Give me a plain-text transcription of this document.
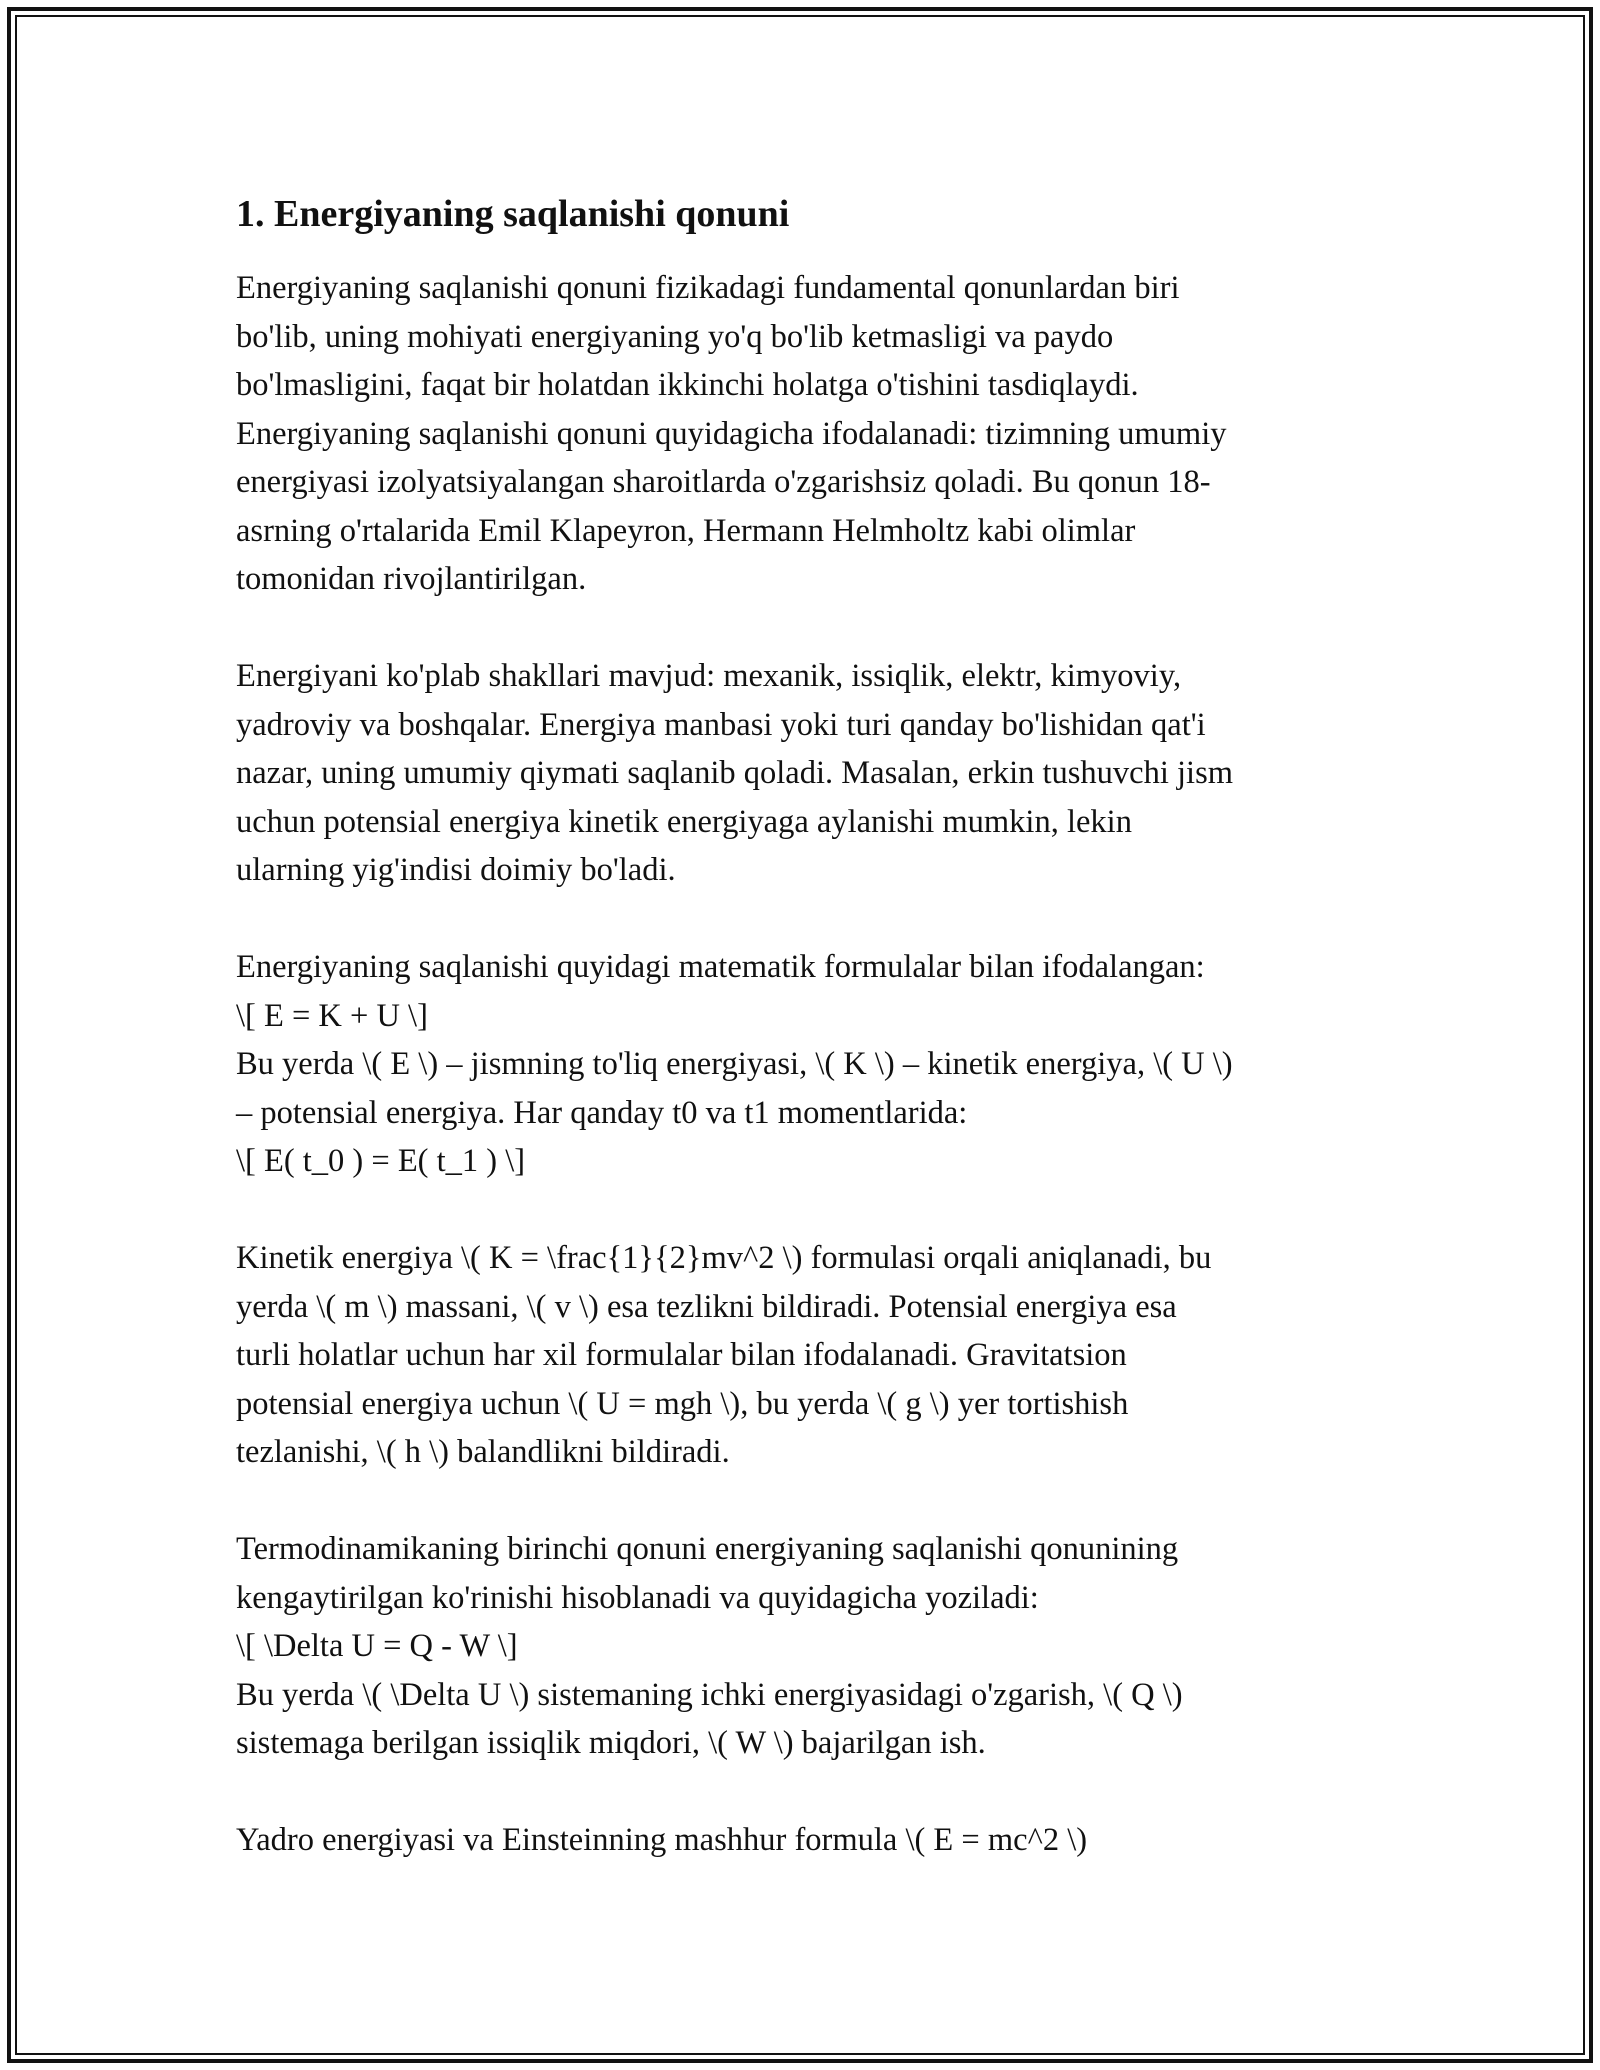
1. Energiyaning saqlanishi qonuni

Energiyaning saqlanishi qonuni fizikadagi fundamental qonunlardan biri
bo'lib, uning mohiyati energiyaning yo'q bo'lib ketmasligi va paydo
bo'lmasligini, faqat bir holatdan ikkinchi holatga o'tishini tasdiqlaydi.
Energiyaning saqlanishi qonuni quyidagicha ifodalanadi: tizimning umumiy
energiyasi izolyatsiyalangan sharoitlarda o'zgarishsiz qoladi. Bu qonun 18-
asrning o'rtalarida Emil Klapeyron, Hermann Helmholtz kabi olimlar
tomonidan rivojlantirilgan.

Energiyani ko'plab shakllari mavjud: mexanik, issiqlik, elektr, kimyoviy,
yadroviy va boshqalar. Energiya manbasi yoki turi qanday bo'lishidan qat'i
nazar, uning umumiy qiymati saqlanib qoladi. Masalan, erkin tushuvchi jism
uchun potensial energiya kinetik energiyaga aylanishi mumkin, lekin
ularning yig'indisi doimiy bo'ladi.

Energiyaning saqlanishi quyidagi matematik formulalar bilan ifodalangan:
\[ E = K + U \]
Bu yerda \( E \) – jismning to'liq energiyasi, \( K \) – kinetik energiya, \( U \)
– potensial energiya. Har qanday t0 va t1 momentlarida:
\[ E( t_0 ) = E( t_1 ) \]

Kinetik energiya \( K = \frac{1}{2}mv^2 \) formulasi orqali aniqlanadi, bu
yerda \( m \) massani, \( v \) esa tezlikni bildiradi. Potensial energiya esa
turli holatlar uchun har xil formulalar bilan ifodalanadi. Gravitatsion
potensial energiya uchun \( U = mgh \), bu yerda \( g \) yer tortishish
tezlanishi, \( h \) balandlikni bildiradi.

Termodinamikaning birinchi qonuni energiyaning saqlanishi qonunining
kengaytirilgan ko'rinishi hisoblanadi va quyidagicha yoziladi:
\[ \Delta U = Q - W \]
Bu yerda \( \Delta U \) sistemaning ichki energiyasidagi o'zgarish, \( Q \)
sistemaga berilgan issiqlik miqdori, \( W \) bajarilgan ish.

Yadro energiyasi va Einsteinning mashhur formula \( E = mc^2 \)
